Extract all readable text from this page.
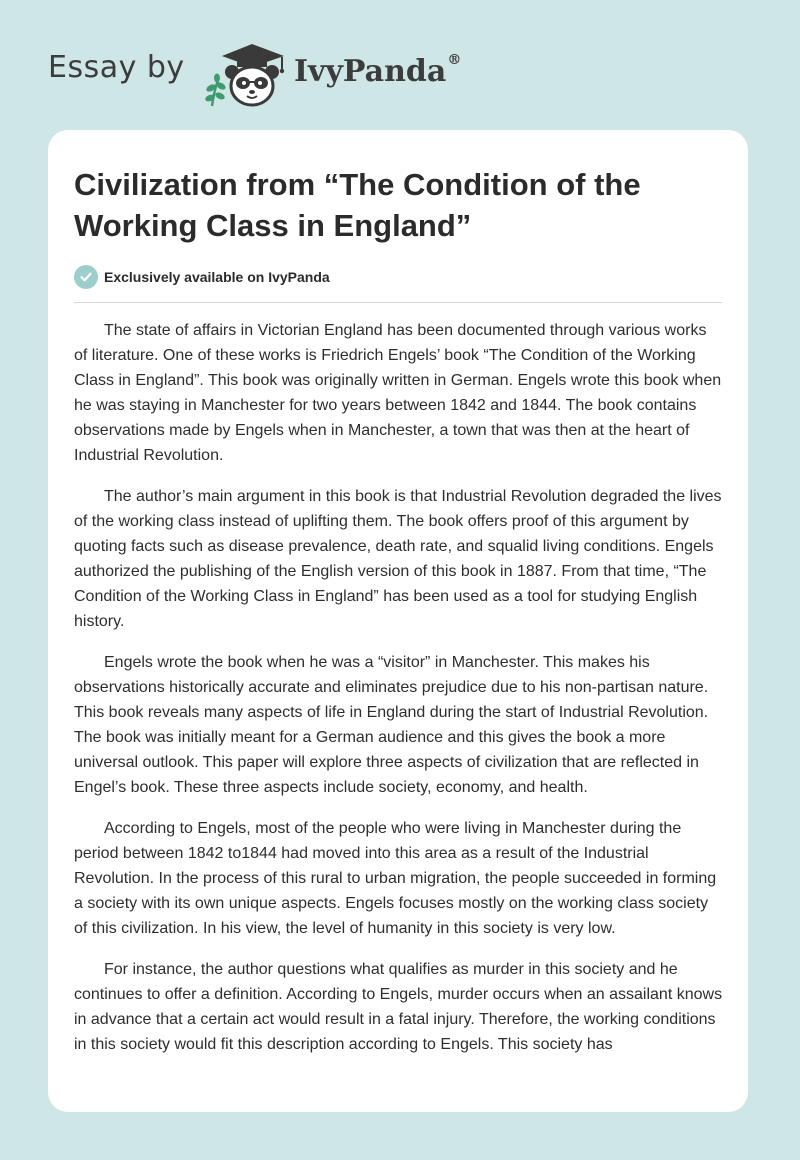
Essay by	IvyPanda®
Civilization from “The Condition of the Working Class in England”
Exclusively available on IvyPanda

The state of affairs in Victorian England has been documented through various works of literature. One of these works is Friedrich Engels’ book “The Condition of the Working Class in England”. This book was originally written in German. Engels wrote this book when he was staying in Manchester for two years between 1842 and 1844. The book contains observations made by Engels when in Manchester, a town that was then at the heart of Industrial Revolution.

The author’s main argument in this book is that Industrial Revolution degraded the lives of the working class instead of uplifting them. The book offers proof of this argument by quoting facts such as disease prevalence, death rate, and squalid living conditions. Engels authorized the publishing of the English version of this book in 1887. From that time, “The Condition of the Working Class in England” has been used as a tool for studying English history.

Engels wrote the book when he was a “visitor” in Manchester. This makes his observations historically accurate and eliminates prejudice due to his non-partisan nature. This book reveals many aspects of life in England during the start of Industrial Revolution. The book was initially meant for a German audience and this gives the book a more universal outlook. This paper will explore three aspects of civilization that are reflected in Engel’s book. These three aspects include society, economy, and health.

According to Engels, most of the people who were living in Manchester during the period between 1842 to1844 had moved into this area as a result of the Industrial Revolution. In the process of this rural to urban migration, the people succeeded in forming a society with its own unique aspects. Engels focuses mostly on the working class society of this civilization. In his view, the level of humanity in this society is very low.

For instance, the author questions what qualifies as murder in this society and he continues to offer a definition. According to Engels, murder occurs when an assailant knows in advance that a certain act would result in a fatal injury. Therefore, the working conditions in this society would fit this description according to Engels. This society has
